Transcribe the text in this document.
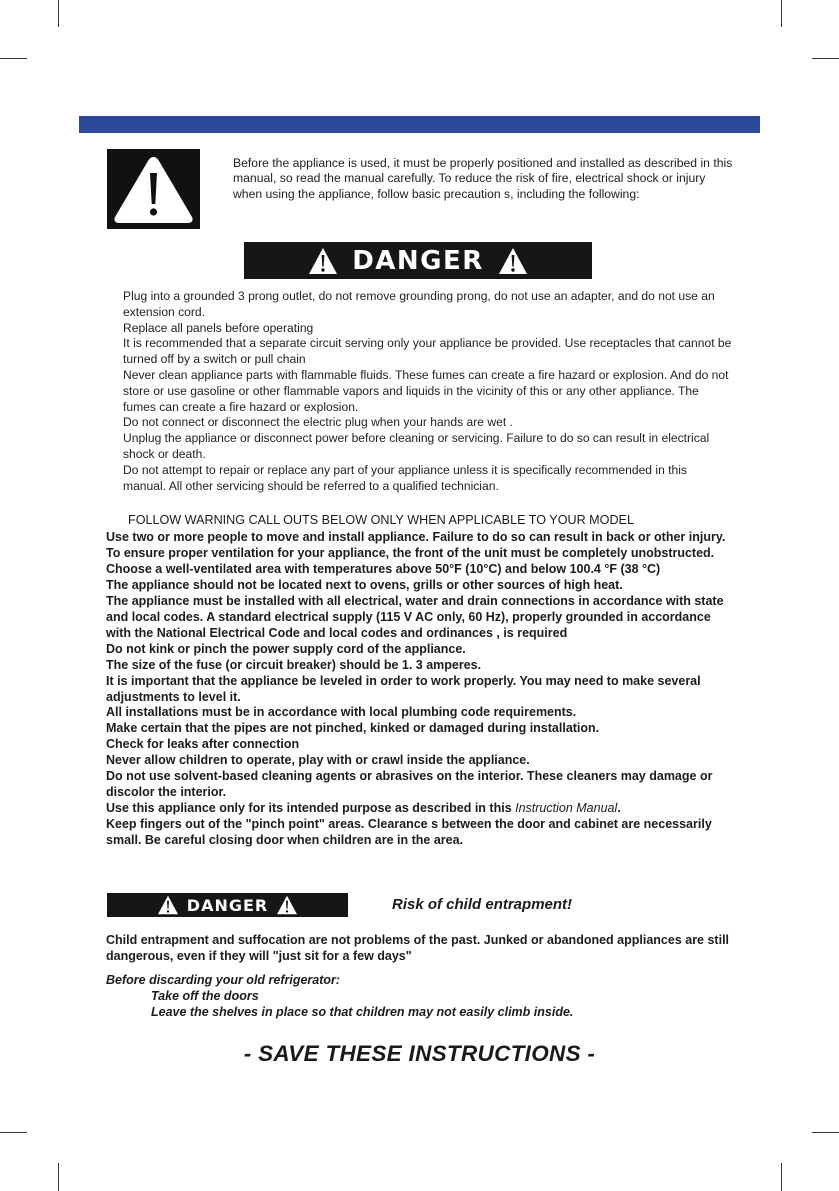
Before the appliance is used, it must be properly positioned and installed as described in this manual, so read the manual carefully. To reduce the risk of fire, electrical shock or injury when using the appliance, follow basic precaution s, including the following:
DANGER

Plug into a grounded 3 prong outlet, do not remove grounding prong, do not use an adapter, and do not use an extension cord.

Replace all panels before operating

It is recommended that a separate circuit serving only your appliance be provided. Use receptacles that cannot be turned off by a switch or pull chain

Never clean appliance parts with flammable fluids. These fumes can create a fire hazard or explosion. And do not store or use gasoline or other flammable vapors and liquids in the vicinity of this or any other appliance. The fumes can create a fire hazard or explosion.

Do not connect or disconnect the electric plug when your hands are wet .

Unplug the appliance or disconnect power before cleaning or servicing. Failure to do so can result in electrical shock or death.

Do not attempt to repair or replace any part of your appliance unless it is specifically recommended in this manual. All other servicing should be referred to a qualified technician.

FOLLOW WARNING CALL OUTS BELOW ONLY WHEN APPLICABLE TO YOUR MODEL

Use two or more people to move and install appliance. Failure to do so can result in back or other injury.

To ensure proper ventilation for your appliance, the front of the unit must be completely unobstructed.

Choose a well-ventilated area with temperatures above 50°F (10°C) and below 100.4 °F (38 °C)

The appliance should not be located next to ovens, grills or other sources of high heat.

The appliance must be installed with all electrical, water and drain connections in accordance with state and local codes. A standard electrical supply (115 V AC only, 60 Hz), properly grounded in accordance with the National Electrical Code and local codes and ordinances , is required

Do not kink or pinch the power supply cord of the appliance.

The size of the fuse (or circuit breaker) should be 1. 3 amperes.

It is important that the appliance be leveled in order to work properly. You may need to make several adjustments to level it.

All installations must be in accordance with local plumbing code requirements.

Make certain that the pipes are not pinched, kinked or damaged during installation.

Check for leaks after connection

Never allow children to operate, play with or crawl inside the appliance.

Do not use solvent-based cleaning agents or abrasives on the interior. These cleaners may damage or discolor the interior.

Use this appliance only for its intended purpose as described in this Instruction Manual.

Keep fingers out of the "pinch point" areas. Clearance s between the door and cabinet are necessarily small. Be careful closing door when children are in the area.

DANGER	Risk of child entrapment!

Child entrapment and suffocation are not problems of the past. Junked or abandoned appliances are still dangerous, even if they will "just sit for a few days"

Before discarding your old refrigerator:

Take off the doors

Leave the shelves in place so that children may not easily climb inside.

- SAVE THESE INSTRUCTIONS -
